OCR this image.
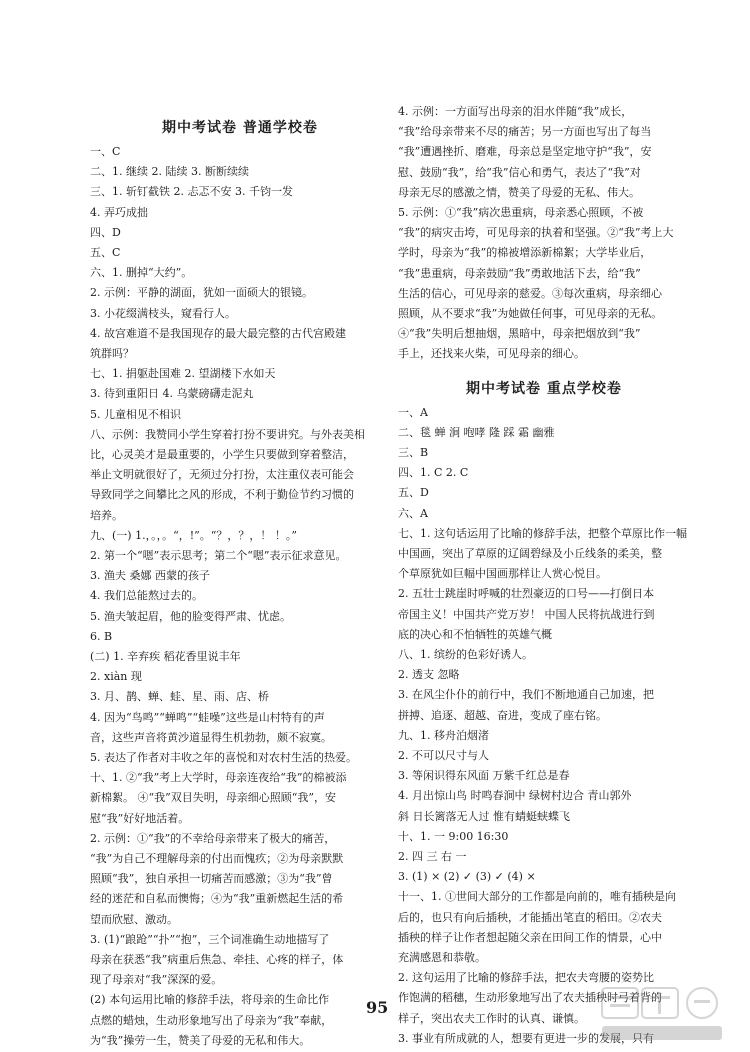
期中考试卷 普通学校卷
一、C
二、1. 继续 2. 陆续 3. 断断续续
三、1. 斩钉截铁 2. 忐忑不安 3. 千钧一发
4. 弄巧成拙
四、D
五、C
六、1. 删掉“大约”。
2. 示例：平静的湖面，犹如一面硕大的银镜。
3. 小花缀满枝头，窥看行人。
4. 故宫难道不是我国现存的最大最完整的古代宫殿建
筑群吗？
七、1. 捐躯赴国难 2. 望湖楼下水如天
3. 待到重阳日 4. 乌蒙磅礴走泥丸
5. 儿童相见不相识
八、示例：我赞同小学生穿着打扮不要讲究。与外表美相
比，心灵美才是最重要的，小学生只要做到穿着整洁，
举止文明就很好了，无须过分打扮，太注重仪表可能会
导致同学之间攀比之风的形成，不利于勤俭节约习惯的
培养。
九、(一) 1.，。，。“，!”。“？，？，！ ！。”
2. 第一个“嗯”表示思考；第二个“嗯”表示征求意见。
3. 渔夫 桑娜 西蒙的孩子
4. 我们总能熬过去的。
5. 渔夫皱起眉，他的脸变得严肃、忧虑。
6. B
(二) 1. 辛弃疾 稻花香里说丰年
2. xiàn 现
3. 月、鹊、蝉、蛙、星、雨、店、桥
4. 因为“鸟鸣”“蝉鸣”“蛙噪”这些是山村特有的声
音，这些声音将黄沙道显得生机勃勃，颇不寂寞。
5. 表达了作者对丰收之年的喜悦和对农村生活的热爱。
十、1. ②“我”考上大学时，母亲连夜给“我”的棉被添
新棉絮。 ④“我”双目失明，母亲细心照顾“我”，安
慰“我”好好地活着。
2. 示例：①“我”的不幸给母亲带来了极大的痛苦，
“我”为自己不理解母亲的付出而愧疚；②为母亲默默
照顾“我”，独自承担一切痛苦而感激；③为“我”曾
经的迷茫和自私而懊悔；④为“我”重新燃起生活的希
望而欣慰、激动。
3. (1)“踉跄”“扑”“抱”，三个词准确生动地描写了
母亲在获悉“我”病重后焦急、牵挂、心疼的样子，体
现了母亲对“我”深深的爱。
(2) 本句运用比喻的修辞手法，将母亲的生命比作
点燃的蜡烛，生动形象地写出了母亲为“我”奉献，
为“我”操劳一生，赞美了母爱的无私和伟大。
4. 示例：一方面写出母亲的泪水伴随“我”成长，
“我”给母亲带来不尽的痛苦；另一方面也写出了每当
“我”遭遇挫折、磨难，母亲总是坚定地守护“我”，安
慰、鼓励“我”，给“我”信心和勇气，表达了“我”对
母亲无尽的感激之情，赞美了母爱的无私、伟大。
5. 示例：①“我”病次患重病，母亲悉心照顾，不被
“我”的病灾击垮，可见母亲的执着和坚强。②“我”考上大
学时，母亲为“我”的棉被增添新棉絮；大学毕业后，
“我”患重病，母亲鼓励“我”勇敢地活下去，给“我”
生活的信心，可见母亲的慈爱。③每次重病，母亲细心
照顾，从不要求“我”为她做任何事，可见母亲的无私。
④“我”失明后想抽烟，黑暗中，母亲把烟放到“我”
手上，还找来火柴，可见母亲的细心。
期中考试卷 重点学校卷
一、A
二、毯 蝉 涧 咆哮 隆 踩 霜 幽雅
三、B
四、1. C 2. C
五、D
六、A
七、1. 这句话运用了比喻的修辞手法，把整个草原比作一幅
中国画，突出了草原的辽阔碧绿及小丘线条的柔美，整
个草原犹如巨幅中国画那样让人赏心悦目。
2. 五壮士跳崖时呼喊的壮烈豪迈的口号——打倒日本
帝国主义！中国共产党万岁！ 中国人民将抗战进行到
底的决心和不怕牺牲的英雄气概
八、1. 缤纷的色彩好诱人。
2. 透支 忽略
3. 在风尘仆仆的前行中，我们不断地通自己加速，把
拼搏、追逐、超越、奋进，变成了座右铭。
九、1. 移舟泊烟渚
2. 不可以尺寸与人
3. 等闲识得东风面 万紫千红总是春
4. 月出惊山鸟 时鸣春涧中 绿树村边合 青山郭外
斜 日长篱落无人过 惟有蜻蜓蛱蝶飞
十、1. 一 9:00 16:30
2. 四 三 右 一
3. (1) × (2) ✓ (3) ✓ (4) ×
十一、1. ①世间大部分的工作都是向前的，唯有插秧是向
后的，也只有向后插秧，才能插出笔直的稻田。②农夫
插秧的样子让作者想起随父亲在田间工作的情景，心中
充满感恩和恭敬。
2. 这句运用了比喻的修辞手法，把农夫弯腰的姿势比
作饱满的稻穗，生动形象地写出了农夫插秧时弓着背的
样子，突出农夫工作时的认真、谦慎。
3. 事业有所成就的人，想要有更进一步的发展，只有
95
